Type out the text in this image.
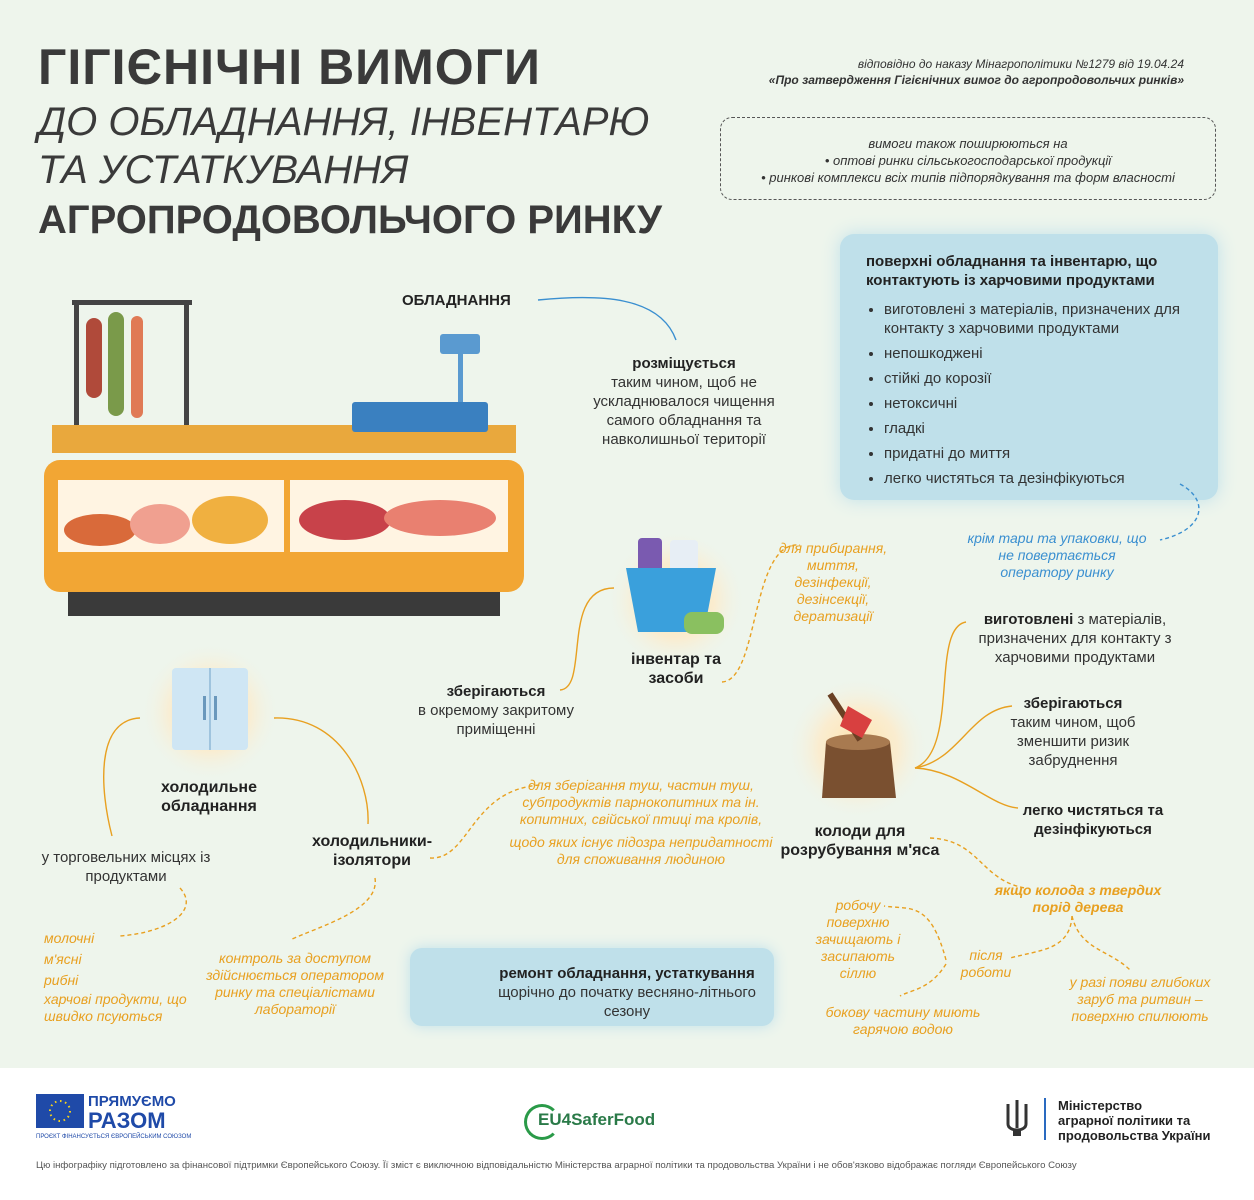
ГІГІЄНІЧНІ ВИМОГИ
ДО ОБЛАДНАННЯ, ІНВЕНТАРЮ
ТА УСТАТКУВАННЯ
АГРОПРОДОВОЛЬЧОГО РИНКУ
відповідно до наказу Мінагрополітики №1279 від 19.04.24
«Про затвердження Гігієнічних вимог до агропродовольчих ринків»
вимоги також поширюються на
• оптові ринки сільськогосподарської продукції
• ринкові комплекси всіх типів підпорядкування та форм власності
поверхні обладнання та інвентарю, що контактують із харчовими продуктами
• виготовлені з матеріалів, призначених для контакту з харчовими продуктами
• непошкоджені
• стійкі до корозії
• нетоксичні
• гладкі
• придатні до миття
• легко чистяться та дезінфікуються
крім тари та упаковки, що не повертається оператору ринку
ОБЛАДНАННЯ
розміщується
таким чином, щоб не ускладнювалося чищення самого обладнання та навколишньої території
інвентар та засоби
для прибирання, миття, дезінфекції, дезінсекції, дератизації
зберігаються
в окремому закритому приміщенні
холодильне обладнання
у торговельних місцях із продуктами
молочні
м'ясні
рибні
харчові продукти, що швидко псуються
холодильники-ізолятори
для зберігання туш, частин туш, субпродуктів парнокопитних та ін. копитних, свійської птиці та кролів,
щодо яких існує підозра непридатності для споживання людиною
контроль за доступом здійснюється оператором ринку та спеціалістами лабораторії
ремонт обладнання, устаткування
щорічно до початку весняно-літнього сезону
колоди для розрубування м'яса
виготовлені з матеріалів, призначених для контакту з харчовими продуктами
зберігаються
таким чином, щоб зменшити ризик забруднення
легко чистяться та дезінфікуються
якщо колода з твердих порід дерева
після роботи
робочу поверхню зачищають і засипають сіллю
бокову частину миють гарячою водою
у разі появи глибоких заруб та ритвин – поверхню спилюють
ПРЯМУЄМО
РАЗОМ
ПРОЄКТ ФІНАНСУЄТЬСЯ ЄВРОПЕЙСЬКИМ СОЮЗОМ
EU4SaferFood
Міністерство
аграрної політики та
продовольства України
Цю інфографіку підготовлено за фінансової підтримки Європейського Союзу. Її зміст є виключною відповідальністю Міністерства аграрної політики та продовольства України і не обов'язково відображає погляди Європейського Союзу
